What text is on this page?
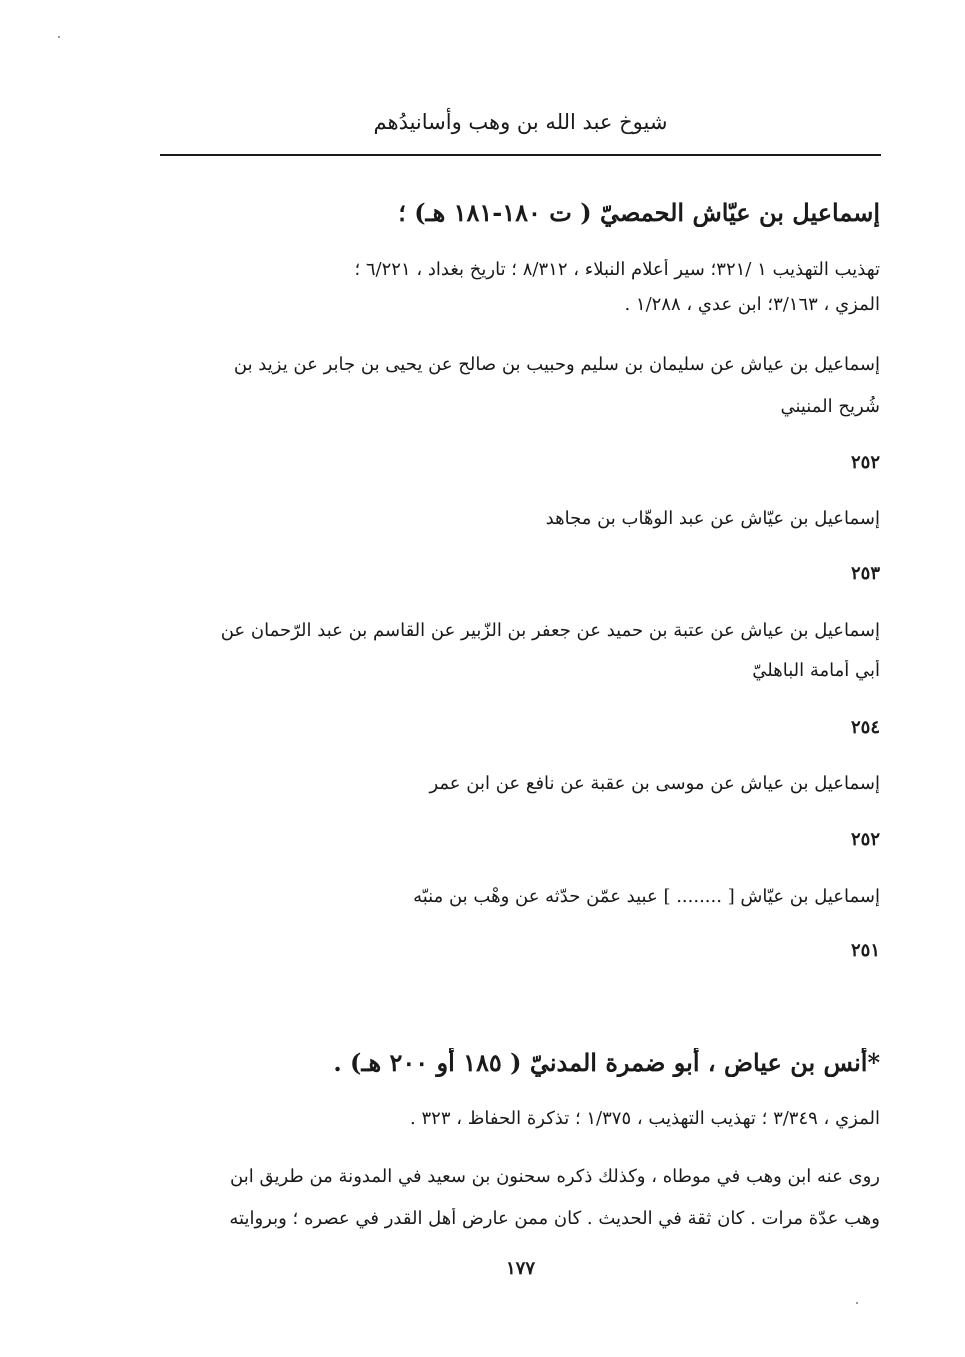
شيوخ عبد الله بن وهب وأسانيدُهم
إسماعيل بن عيّاش الحمصيّ ( ت ١٨٠-١٨١ هـ) ؛
تهذيب التهذيب ١ /٣٢١؛ سير أعلام النبلاء ، ٨/٣١٢ ؛ تاريخ بغداد ، ٦/٢٢١ ؛
المزي ، ٣/١٦٣؛ ابن عدي ، ١/٢٨٨ .
إسماعيل بن عياش عن سليمان بن سليم وحبيب بن صالح عن يحيى بن جابر عن يزيد بن
شُريح المنيني
٢٥٢
إسماعيل بن عيّاش عن عبد الوهّاب بن مجاهد
٢٥٣
إسماعيل بن عياش عن عتبة بن حميد عن جعفر بن الزّبير عن القاسم بن عبد الرّحمان عن
أبي أمامة الباهليّ
٢٥٤
إسماعيل بن عياش عن موسى بن عقبة عن نافع عن ابن عمر
٢٥٢
إسماعيل بن عيّاش [ ........ ] عبيد عمّن حدّثه عن وهْب بن منبّه
٢٥١
*أنس بن عياض ، أبو ضمرة المدنيّ ( ١٨٥ أو ٢٠٠ هـ) .
المزي ، ٣/٣٤٩ ؛ تهذيب التهذيب ، ١/٣٧٥ ؛ تذكرة الحفاظ ، ٣٢٣ .
روى عنه ابن وهب في موطاه ، وكذلك ذكره سحنون بن سعيد في المدونة من طريق ابن
وهب عدّة مرات . كان ثقة في الحديث . كان ممن عارض أهل القدر في عصره ؛ وبروايته
١٧٧
